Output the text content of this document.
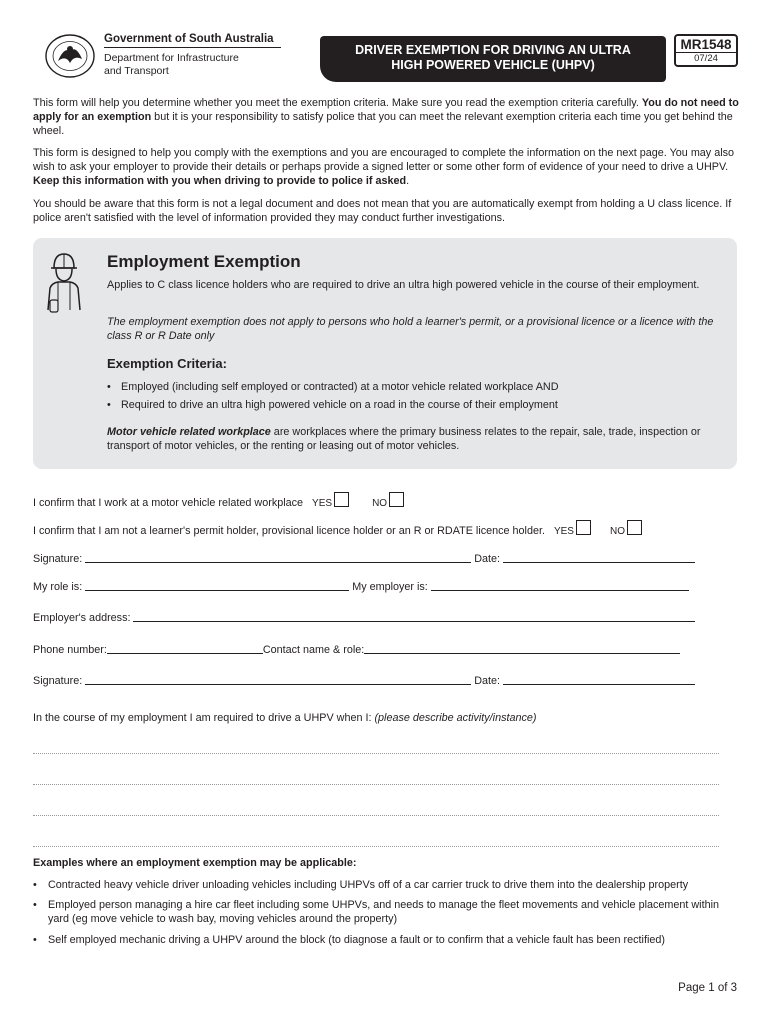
Government of South Australia
Department for Infrastructure
and Transport
DRIVER EXEMPTION FOR DRIVING AN ULTRA
HIGH POWERED VEHICLE (UHPV)
MR1548
07/24

This form will help you determine whether you meet the exemption criteria. Make sure you read the exemption criteria carefully. You do not need to apply for an exemption but it is your responsibility to satisfy police that you can meet the relevant exemption criteria each time you get behind the wheel.

This form is designed to help you comply with the exemptions and you are encouraged to complete the information on the next page. You may also wish to ask your employer to provide their details or perhaps provide a signed letter or some other form of evidence of your need to drive a UHPV. Keep this information with you when driving to provide to police if asked.

You should be aware that this form is not a legal document and does not mean that you are automatically exempt from holding a U class licence. If police aren't satisfied with the level of information provided they may conduct further investigations.

Employment Exemption

Applies to C class licence holders who are required to drive an ultra high powered vehicle in the course of their employment.

The employment exemption does not apply to persons who hold a learner's permit, or a provisional licence or a licence with the class R or R Date only

Exemption Criteria:
• Employed (including self employed or contracted) at a motor vehicle related workplace AND
• Required to drive an ultra high powered vehicle on a road in the course of their employment

Motor vehicle related workplace are workplaces where the primary business relates to the repair, sale, trade, inspection or transport of motor vehicles, or the renting or leasing out of motor vehicles.

I confirm that I work at a motor vehicle related workplace YES	NO
I confirm that I am not a learner's permit holder, provisional licence holder or an R or RDATE licence holder. YES	NO
Signature:	Date:
My role is:	My employer is:
Employer's address:
Phone number:	Contact name & role:
Signature:	Date:
In the course of my employment I am required to drive a UHPV when I: (please describe activity/instance)
Examples where an employment exemption may be applicable:
• Contracted heavy vehicle driver unloading vehicles including UHPVs off of a car carrier truck to drive them into the dealership property
• Employed person managing a hire car fleet including some UHPVs, and needs to manage the fleet movements and vehicle placement within yard (eg move vehicle to wash bay, moving vehicles around the property)
• Self employed mechanic driving a UHPV around the block (to diagnose a fault or to confirm that a vehicle fault has been rectified)
Page 1 of 3
